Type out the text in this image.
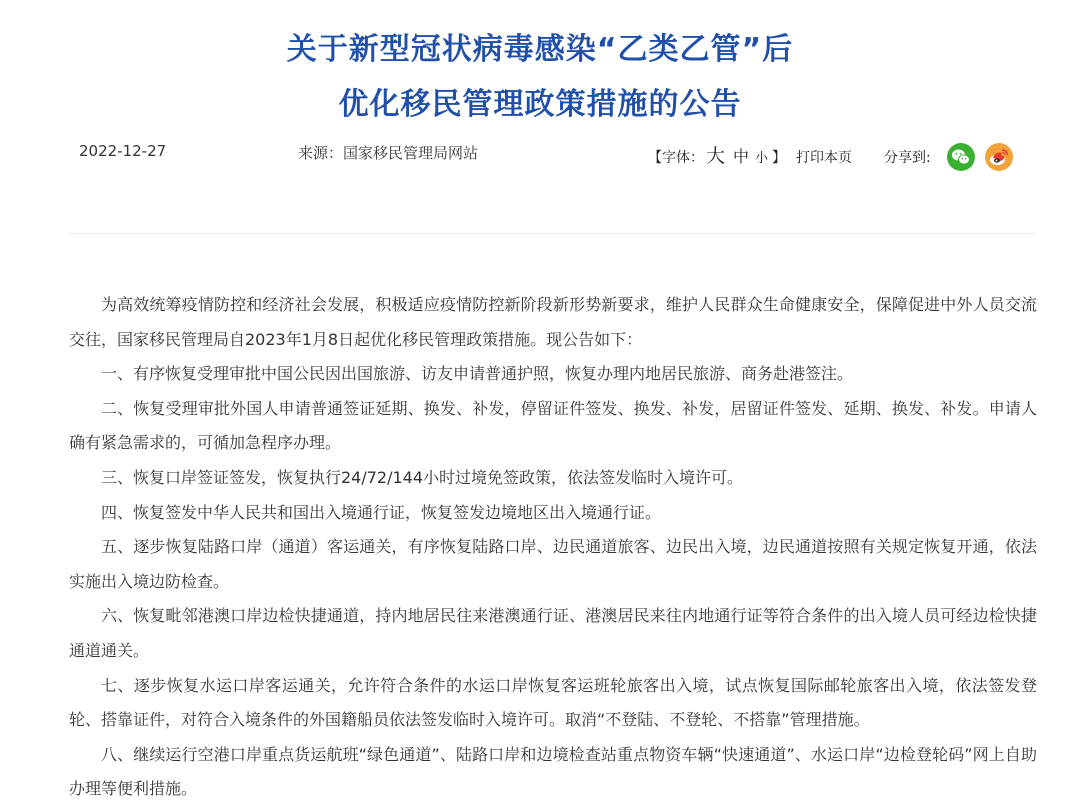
关于新型冠状病毒感染“乙类乙管”后
优化移民管理政策措施的公告
2022-12-27	来源：国家移民管理局网站	【字体： 大 中 小 】 打印本页 分享到:

为高效统筹疫情防控和经济社会发展，积极适应疫情防控新阶段新形势新要求，维护人民群众生命健康安全，保障促进中外人员交流交往，国家移民管理局自2023年1月8日起优化移民管理政策措施。现公告如下：

一、有序恢复受理审批中国公民因出国旅游、访友申请普通护照，恢复办理内地居民旅游、商务赴港签注。

二、恢复受理审批外国人申请普通签证延期、换发、补发，停留证件签发、换发、补发，居留证件签发、延期、换发、补发。申请人确有紧急需求的，可循加急程序办理。

三、恢复口岸签证签发，恢复执行24/72/144小时过境免签政策，依法签发临时入境许可。

四、恢复签发中华人民共和国出入境通行证，恢复签发边境地区出入境通行证。

五、逐步恢复陆路口岸（通道）客运通关，有序恢复陆路口岸、边民通道旅客、边民出入境，边民通道按照有关规定恢复开通，依法实施出入境边防检查。

六、恢复毗邻港澳口岸边检快捷通道，持内地居民往来港澳通行证、港澳居民来往内地通行证等符合条件的出入境人员可经边检快捷通道通关。

七、逐步恢复水运口岸客运通关，允许符合条件的水运口岸恢复客运班轮旅客出入境，试点恢复国际邮轮旅客出入境，依法签发登轮、搭靠证件，对符合入境条件的外国籍船员依法签发临时入境许可。取消“不登陆、不登轮、不搭靠”管理措施。

八、继续运行空港口岸重点货运航班“绿色通道”、陆路口岸和边境检查站重点物资车辆“快速通道”、水运口岸“边检登轮码”网上自助办理等便利措施。
